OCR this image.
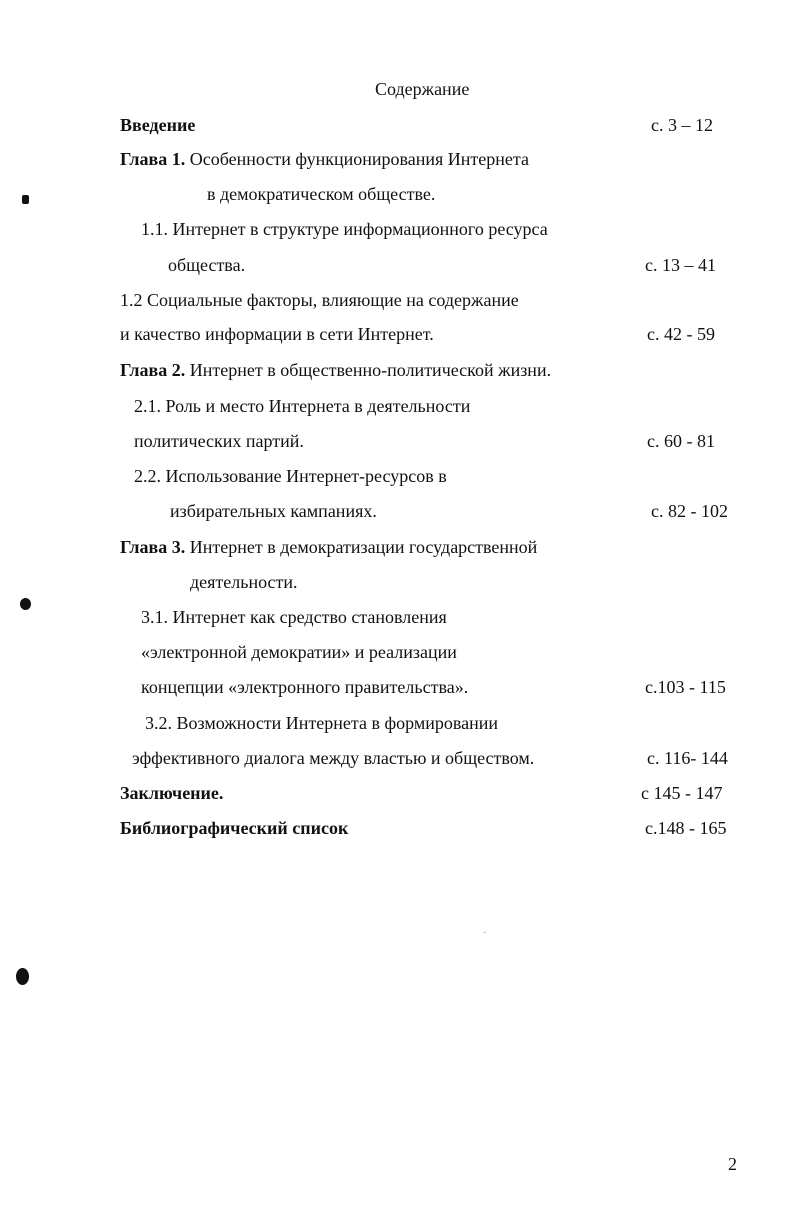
Содержание
Введение	с. 3 – 12
Глава 1. Особенности функционирования Интернета
в демократическом обществе.
1.1. Интернет в структуре информационного ресурса
общества.	с. 13 – 41
1.2 Социальные факторы, влияющие на содержание
и качество информации в сети Интернет.	с. 42 - 59
Глава 2. Интернет в общественно-политической жизни.
2.1. Роль и место Интернета в деятельности
политических партий.	с. 60 - 81
2.2. Использование Интернет-ресурсов в
избирательных кампаниях.	с. 82 - 102
Глава 3. Интернет в демократизации государственной
деятельности.
3.1. Интернет как средство становления
«электронной демократии» и реализации
концепции «электронного правительства».	с.103 - 115
3.2. Возможности Интернета в формировании
эффективного диалога между властью и обществом.	с. 116- 144
Заключение.	с 145 - 147
Библиографический список	с.148 - 165
2
